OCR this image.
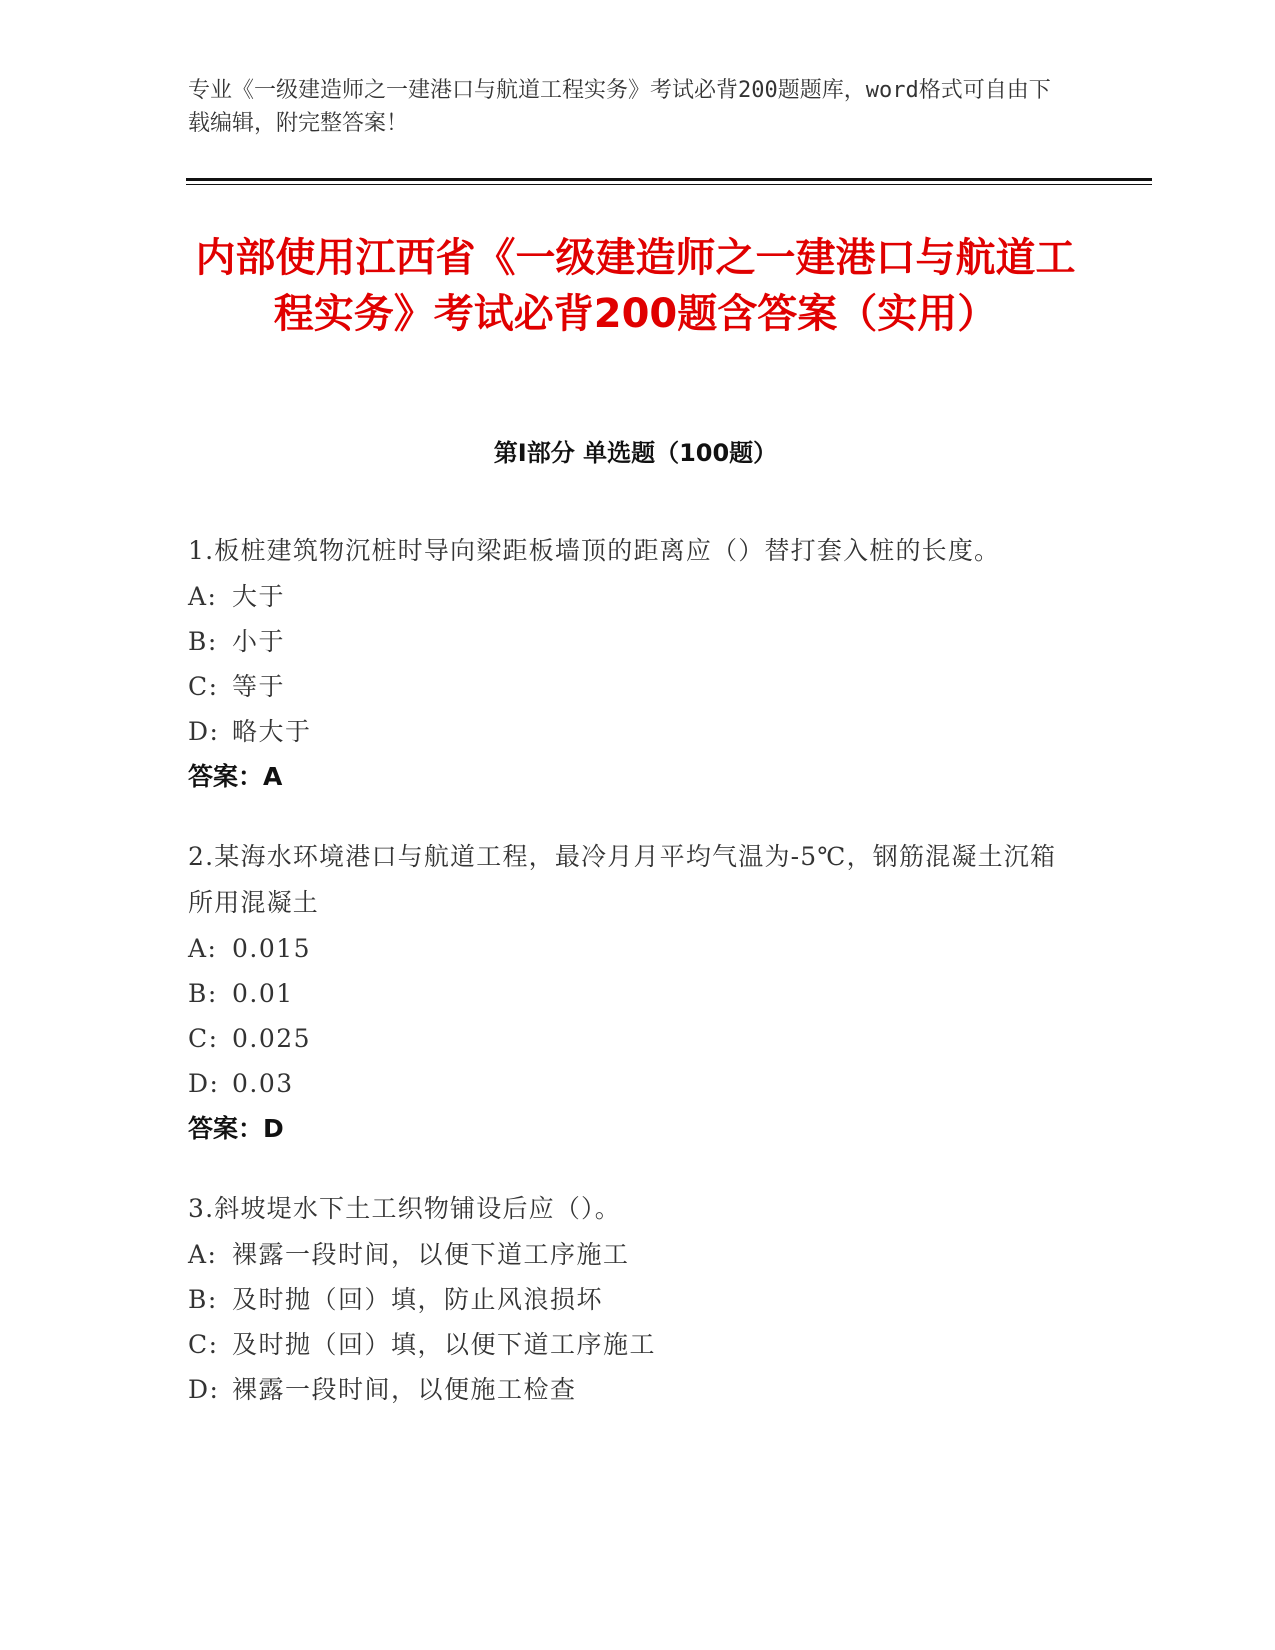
专业《一级建造师之一建港口与航道工程实务》考试必背200题题库，word格式可自由下载编辑，附完整答案！
内部使用江西省《一级建造师之一建港口与航道工程实务》考试必背200题含答案（实用）
第Ⅰ部分 单选题（100题）

1.板桩建筑物沉桩时导向梁距板墙顶的距离应（）替打套入桩的长度。

A: 大于

B: 小于

C: 等于

D: 略大于

答案：A

2.某海水环境港口与航道工程，最冷月月平均气温为-5℃，钢筋混凝土沉箱所用混凝土

A: 0.015

B: 0.01

C: 0.025

D: 0.03

答案：D

3.斜坡堤水下土工织物铺设后应（）。

A: 裸露一段时间，以便下道工序施工

B: 及时抛（回）填，防止风浪损坏

C: 及时抛（回）填，以便下道工序施工

D: 裸露一段时间，以便施工检查
